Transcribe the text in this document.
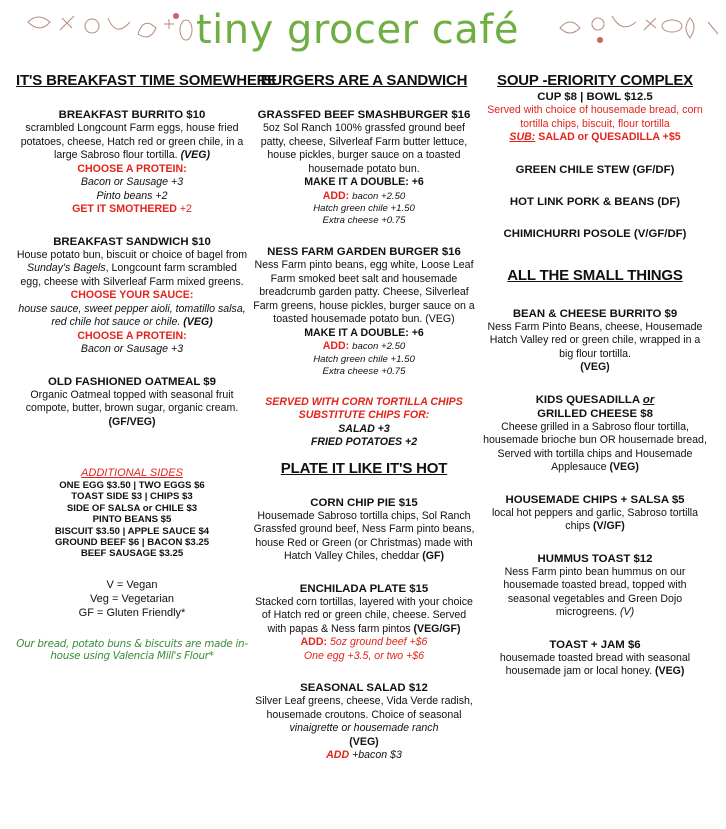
tiny grocer café
IT'S BREAKFAST TIME SOMEWHERE
BREAKFAST BURRITO $10
scrambled Longcount Farm eggs, house fried potatoes, cheese, Hatch red or green chile, in a large Sabroso flour tortilla. (VEG)
CHOOSE A PROTEIN:
Bacon or Sausage +3
Pinto beans +2
GET IT SMOTHERED +2
BREAKFAST SANDWICH $10
House potato bun, biscuit or choice of bagel from Sunday's Bagels, Longcount farm scrambled egg, cheese with Silverleaf Farm mixed greens.
CHOOSE YOUR SAUCE:
house sauce, sweet pepper aioli, tomatillo salsa, red chile hot sauce or chile. (VEG)
CHOOSE A PROTEIN:
Bacon or Sausage +3
OLD FASHIONED OATMEAL $9
Organic Oatmeal topped with seasonal fruit compote, butter, brown sugar, organic cream. (GF/VEG)
ADDITIONAL SIDES
ONE EGG $3.50 | TWO EGGS $6
TOAST SIDE $3 | CHIPS $3
SIDE OF SALSA or CHILE $3
PINTO BEANS $5
BISCUIT $3.50 | APPLE SAUCE $4
GROUND BEEF $6 | BACON $3.25
BEEF SAUSAGE $3.25
V = Vegan
Veg = Vegetarian
GF = Gluten Friendly*
Our bread, potato buns & biscuits are made in-house using Valencia Mill's Flour*
BURGERS ARE A SANDWICH
GRASSFED BEEF SMASHBURGER $16
5oz Sol Ranch 100% grassfed ground beef patty, cheese, Silverleaf Farm butter lettuce, house pickles, burger sauce on a toasted housemade potato bun.
MAKE IT A DOUBLE: +6
ADD: bacon +2.50
Hatch green chile +1.50
Extra cheese +0.75
NESS FARM GARDEN BURGER $16
Ness Farm pinto beans, egg white, Loose Leaf Farm smoked beet salt and housemade breadcrumb garden patty. Cheese, Silverleaf Farm greens, house pickles, burger sauce on a toasted housemade potato bun. (VEG)
MAKE IT A DOUBLE: +6
ADD: bacon +2.50
Hatch green chile +1.50
Extra cheese +0.75
SERVED WITH CORN TORTILLA CHIPS
SUBSTITUTE CHIPS FOR:
SALAD +3
FRIED POTATOES +2
PLATE IT LIKE IT'S HOT
CORN CHIP PIE $15
Housemade Sabroso tortilla chips, Sol Ranch Grassfed ground beef, Ness Farm pinto beans, house Red or Green (or Christmas) made with Hatch Valley Chiles, cheddar (GF)
ENCHILADA PLATE $15
Stacked corn tortillas, layered with your choice of Hatch red or green chile, cheese. Served with papas & Ness farm pintos (VEG/GF)
ADD: 5oz ground beef +$6
One egg +3.5, or two +$6
SEASONAL SALAD $12
Silver Leaf greens, cheese, Vida Verde radish, housemade croutons. Choice of seasonal vinaigrette or housemade ranch
(VEG)
ADD +bacon $3
SOUP -ERIORITY COMPLEX
CUP $8 | BOWL $12.5
Served with choice of housemade bread, corn tortilla chips, biscuit, flour tortilla
SUB: SALAD or QUESADILLA +$5
GREEN CHILE STEW (GF/DF)
HOT LINK PORK & BEANS (DF)
CHIMICHURRI POSOLE (V/GF/DF)
ALL THE SMALL THINGS
BEAN & CHEESE BURRITO $9
Ness Farm Pinto Beans, cheese, Housemade Hatch Valley red or green chile, wrapped in a big flour tortilla.
(VEG)
KIDS QUESADILLA or
GRILLED CHEESE $8
Cheese grilled in a Sabroso flour tortilla, housemade brioche bun OR housemade bread, Served with tortilla chips and Housemade Applesauce (VEG)
HOUSEMADE CHIPS + SALSA $5
local hot peppers and garlic, Sabroso tortilla chips (V/GF)
HUMMUS TOAST $12
Ness Farm pinto bean hummus on our housemade toasted bread, topped with seasonal vegetables and Green Dojo microgreens. (V)
TOAST + JAM $6
housemade toasted bread with seasonal housemade jam or local honey. (VEG)
